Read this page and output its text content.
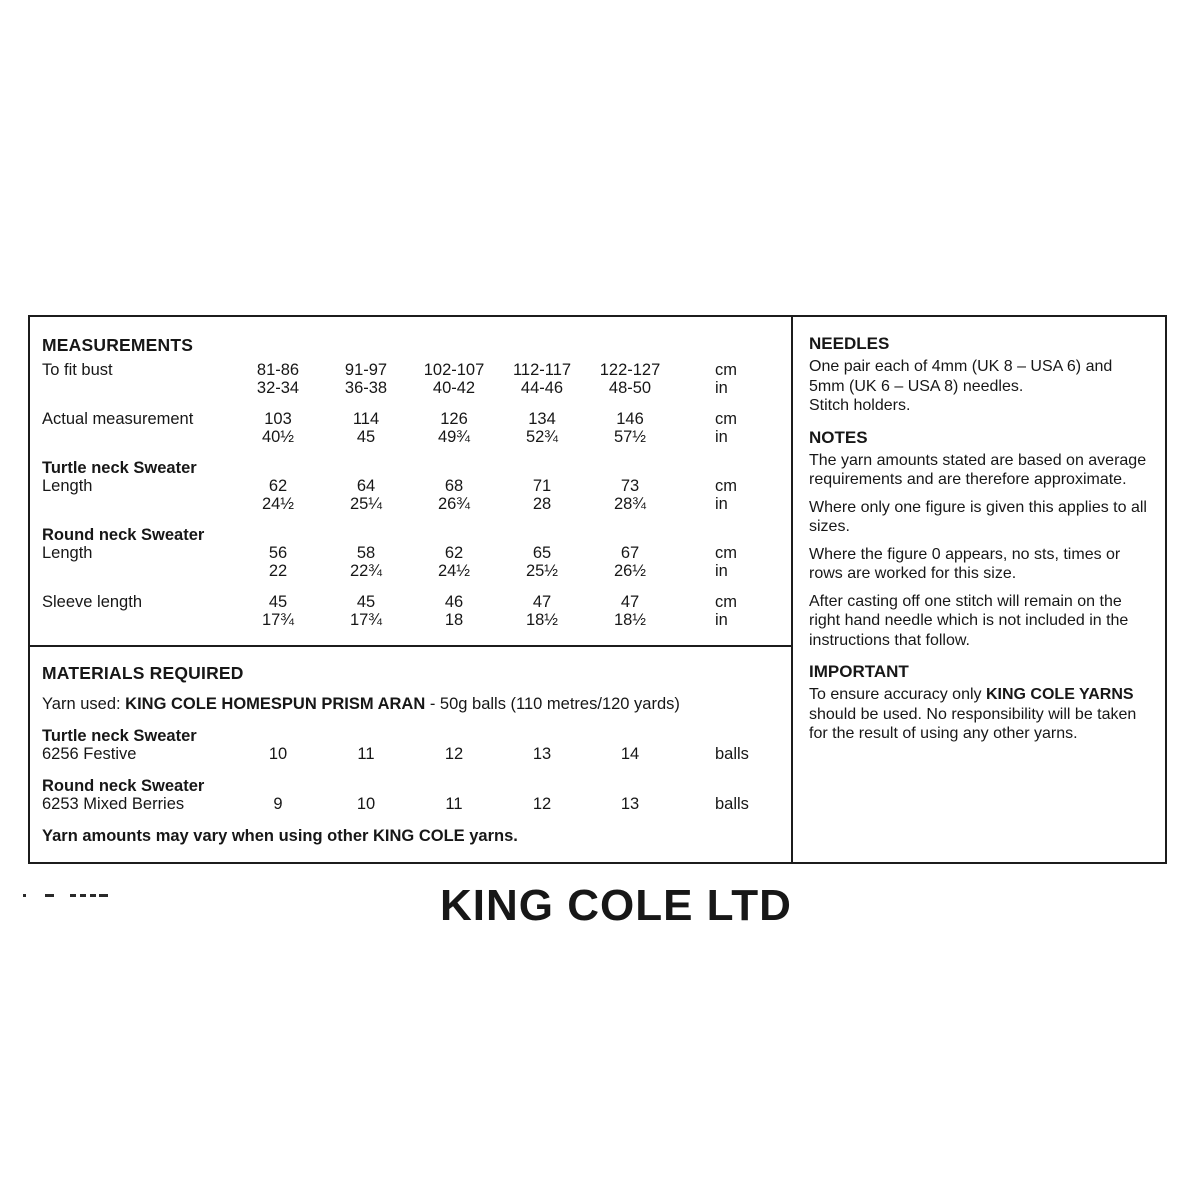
MEASUREMENTS
To fit bust	81-86	91-97	102-107	112-117	122-127	cm
32-34	36-38	40-42	44-46	48-50	in
Actual measurement	103	114	126	134	146	cm
40½	45	49¾	52¾	57½	in
Turtle neck Sweater
Length	62	64	68	71	73	cm
24½	25¼	26¾	28	28¾	in
Round neck Sweater
Length	56	58	62	65	67	cm
22	22¾	24½	25½	26½	in
Sleeve length	45	45	46	47	47	cm
17¾	17¾	18	18½	18½	in
MATERIALS REQUIRED
Yarn used: KING COLE HOMESPUN PRISM ARAN - 50g balls (110 metres/120 yards)
Turtle neck Sweater
6256 Festive	10	11	12	13	14	balls
Round neck Sweater
6253 Mixed Berries	9	10	11	12	13	balls
Yarn amounts may vary when using other KING COLE yarns.
NEEDLES
One pair each of 4mm (UK 8 – USA 6) and 5mm (UK 6 – USA 8) needles.
Stitch holders.
NOTES
The yarn amounts stated are based on average requirements and are therefore approximate.
Where only one figure is given this applies to all sizes.
Where the figure 0 appears, no sts, times or rows are worked for this size.
After casting off one stitch will remain on the right hand needle which is not included in the instructions that follow.
IMPORTANT
To ensure accuracy only KING COLE YARNS should be used. No responsibility will be taken for the result of using any other yarns.
KING COLE LTD
